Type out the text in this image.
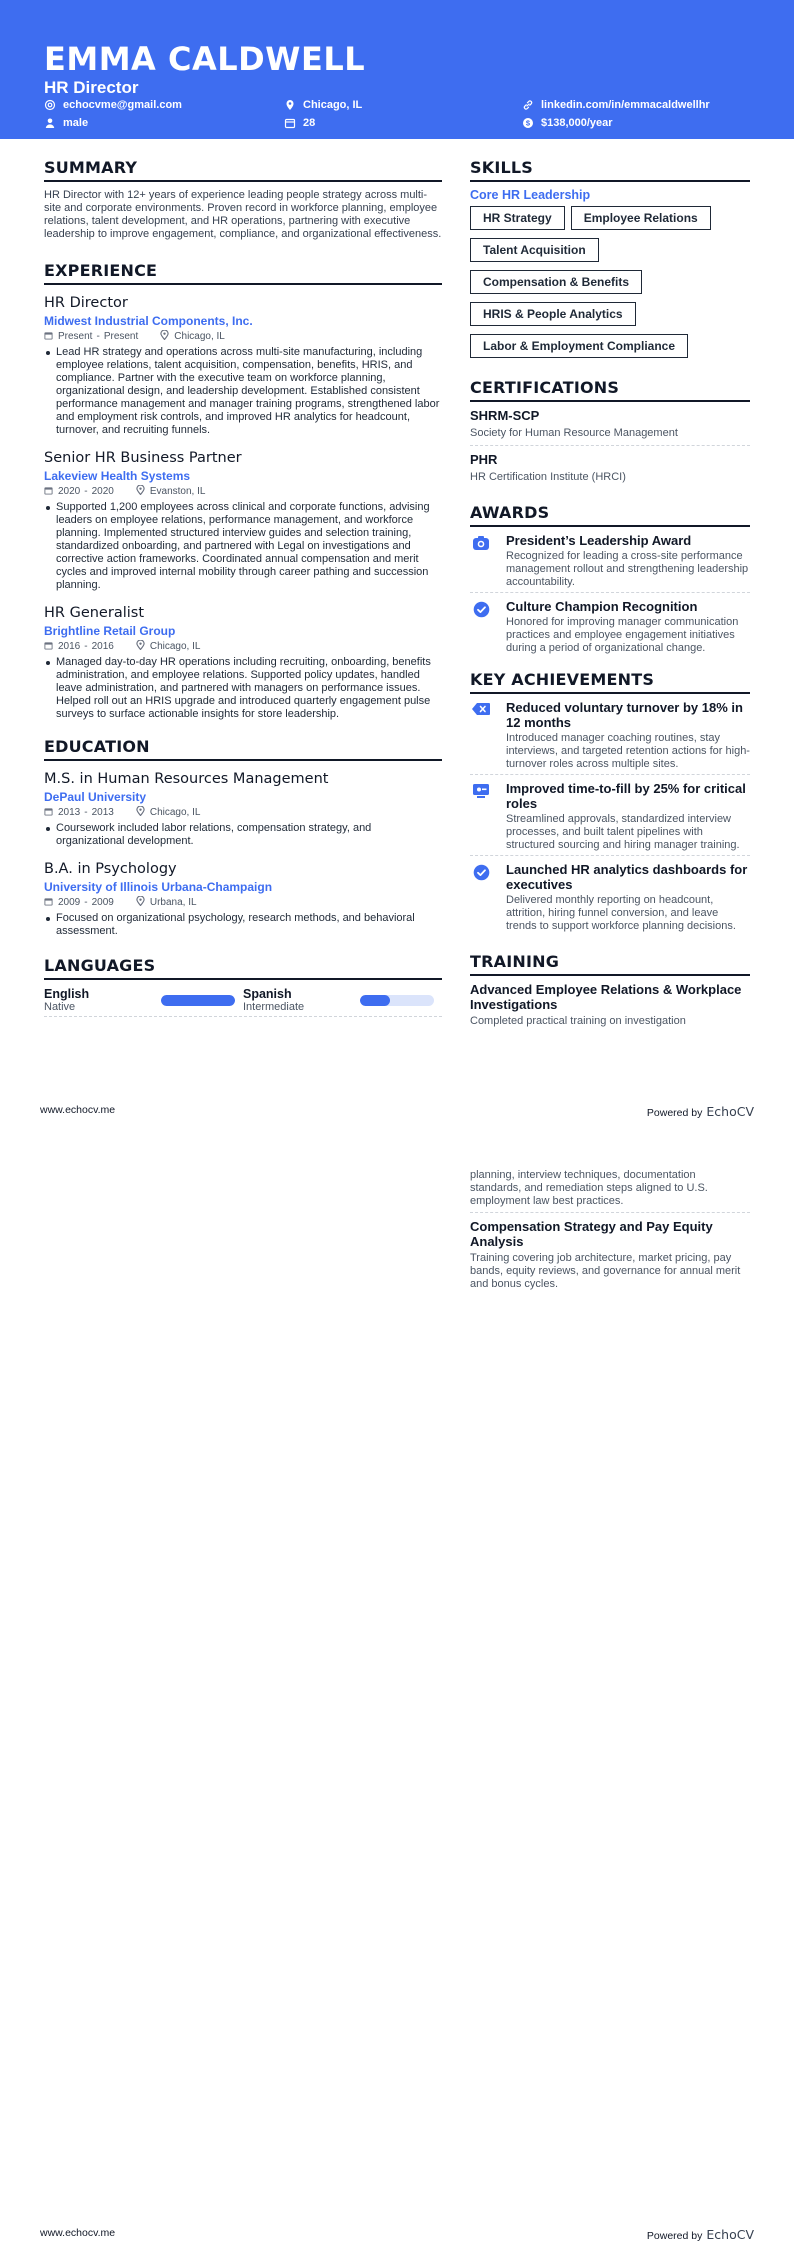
EMMA CALDWELL
HR Director
echocvme@gmail.com	Chicago, IL	linkedin.com/in/emmacaldwellhr
male	28	$ $138,000/year
SUMMARY
HR Director with 12+ years of experience leading people strategy across multi-site and corporate environments. Proven record in workforce planning, employee relations, talent development, and HR operations, partnering with executive leadership to improve engagement, compliance, and organizational effectiveness.
EXPERIENCE
HR Director
Midwest Industrial Components, Inc.
Present - Present	Chicago, IL
Lead HR strategy and operations across multi-site manufacturing, including employee relations, talent acquisition, compensation, benefits, HRIS, and compliance. Partner with the executive team on workforce planning, organizational design, and leadership development. Established consistent performance management and manager training programs, strengthened labor and employment risk controls, and improved HR analytics for headcount, turnover, and recruiting funnels.
Senior HR Business Partner
Lakeview Health Systems
2020 - 2020	Evanston, IL
Supported 1,200 employees across clinical and corporate functions, advising leaders on employee relations, performance management, and workforce planning. Implemented structured interview guides and selection training, standardized onboarding, and partnered with Legal on investigations and corrective action frameworks. Coordinated annual compensation and merit cycles and improved internal mobility through career pathing and succession planning.
HR Generalist
Brightline Retail Group
2016 - 2016	Chicago, IL
Managed day-to-day HR operations including recruiting, onboarding, benefits administration, and employee relations. Supported policy updates, handled leave administration, and partnered with managers on performance issues. Helped roll out an HRIS upgrade and introduced quarterly engagement pulse surveys to surface actionable insights for store leadership.
EDUCATION
M.S. in Human Resources Management
DePaul University
2013 - 2013	Chicago, IL
Coursework included labor relations, compensation strategy, and organizational development.
B.A. in Psychology
University of Illinois Urbana-Champaign
2009 - 2009	Urbana, IL
Focused on organizational psychology, research methods, and behavioral assessment.
LANGUAGES
English
Native
Spanish
Intermediate
SKILLS
Core HR Leadership
HR Strategy	Employee Relations
Talent Acquisition
Compensation & Benefits
HRIS & People Analytics
Labor & Employment Compliance
CERTIFICATIONS
SHRM-SCP
Society for Human Resource Management
PHR
HR Certification Institute (HRCI)
AWARDS
President’s Leadership Award
Recognized for leading a cross-site performance management rollout and strengthening leadership accountability.
Culture Champion Recognition
Honored for improving manager communication practices and employee engagement initiatives during a period of organizational change.
KEY ACHIEVEMENTS
Reduced voluntary turnover by 18% in 12 months
Introduced manager coaching routines, stay interviews, and targeted retention actions for high-turnover roles across multiple sites.
Improved time-to-fill by 25% for critical roles
Streamlined approvals, standardized interview processes, and built talent pipelines with structured sourcing and hiring manager training.
Launched HR analytics dashboards for executives
Delivered monthly reporting on headcount, attrition, hiring funnel conversion, and leave trends to support workforce planning decisions.
TRAINING
Advanced Employee Relations & Workplace Investigations
Completed practical training on investigation
www.echocv.me	Powered by EchoCV
planning, interview techniques, documentation standards, and remediation steps aligned to U.S. employment law best practices.
Compensation Strategy and Pay Equity Analysis
Training covering job architecture, market pricing, pay bands, equity reviews, and governance for annual merit and bonus cycles.
www.echocv.me	Powered by EchoCV
